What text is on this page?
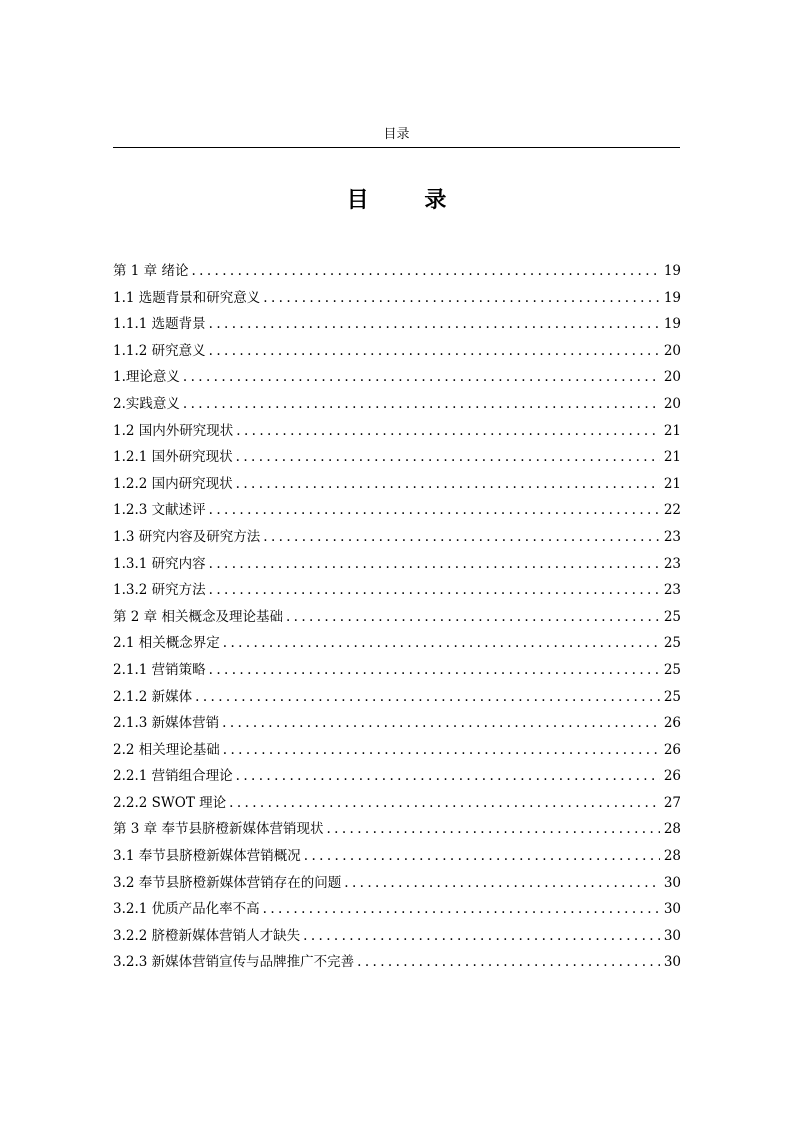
目录
目 录
第 1 章 绪论 .....	19
1.1 选题背景和研究意义 .....	19
1.1.1 选题背景 .....	19
1.1.2 研究意义 .....	20
1.理论意义 .....	20
2.实践意义 .....	20
1.2 国内外研究现状 .....	21
1.2.1 国外研究现状 .....	21
1.2.2 国内研究现状 .....	21
1.2.3 文献述评 .....	22
1.3 研究内容及研究方法 .....	23
1.3.1 研究内容 .....	23
1.3.2 研究方法 .....	23
第 2 章 相关概念及理论基础 .....	25
2.1 相关概念界定 .....	25
2.1.1 营销策略 .....	25
2.1.2 新媒体 .....	25
2.1.3 新媒体营销 .....	26
2.2 相关理论基础 .....	26
2.2.1 营销组合理论 .....	26
2.2.2 SWOT 理论 .....	27
第 3 章 奉节县脐橙新媒体营销现状 .....	28
3.1 奉节县脐橙新媒体营销概况 .....	28
3.2 奉节县脐橙新媒体营销存在的问题 .....	30
3.2.1 优质产品化率不高 .....	30
3.2.2 脐橙新媒体营销人才缺失 .....	30
3.2.3 新媒体营销宣传与品牌推广不完善 .....	30
